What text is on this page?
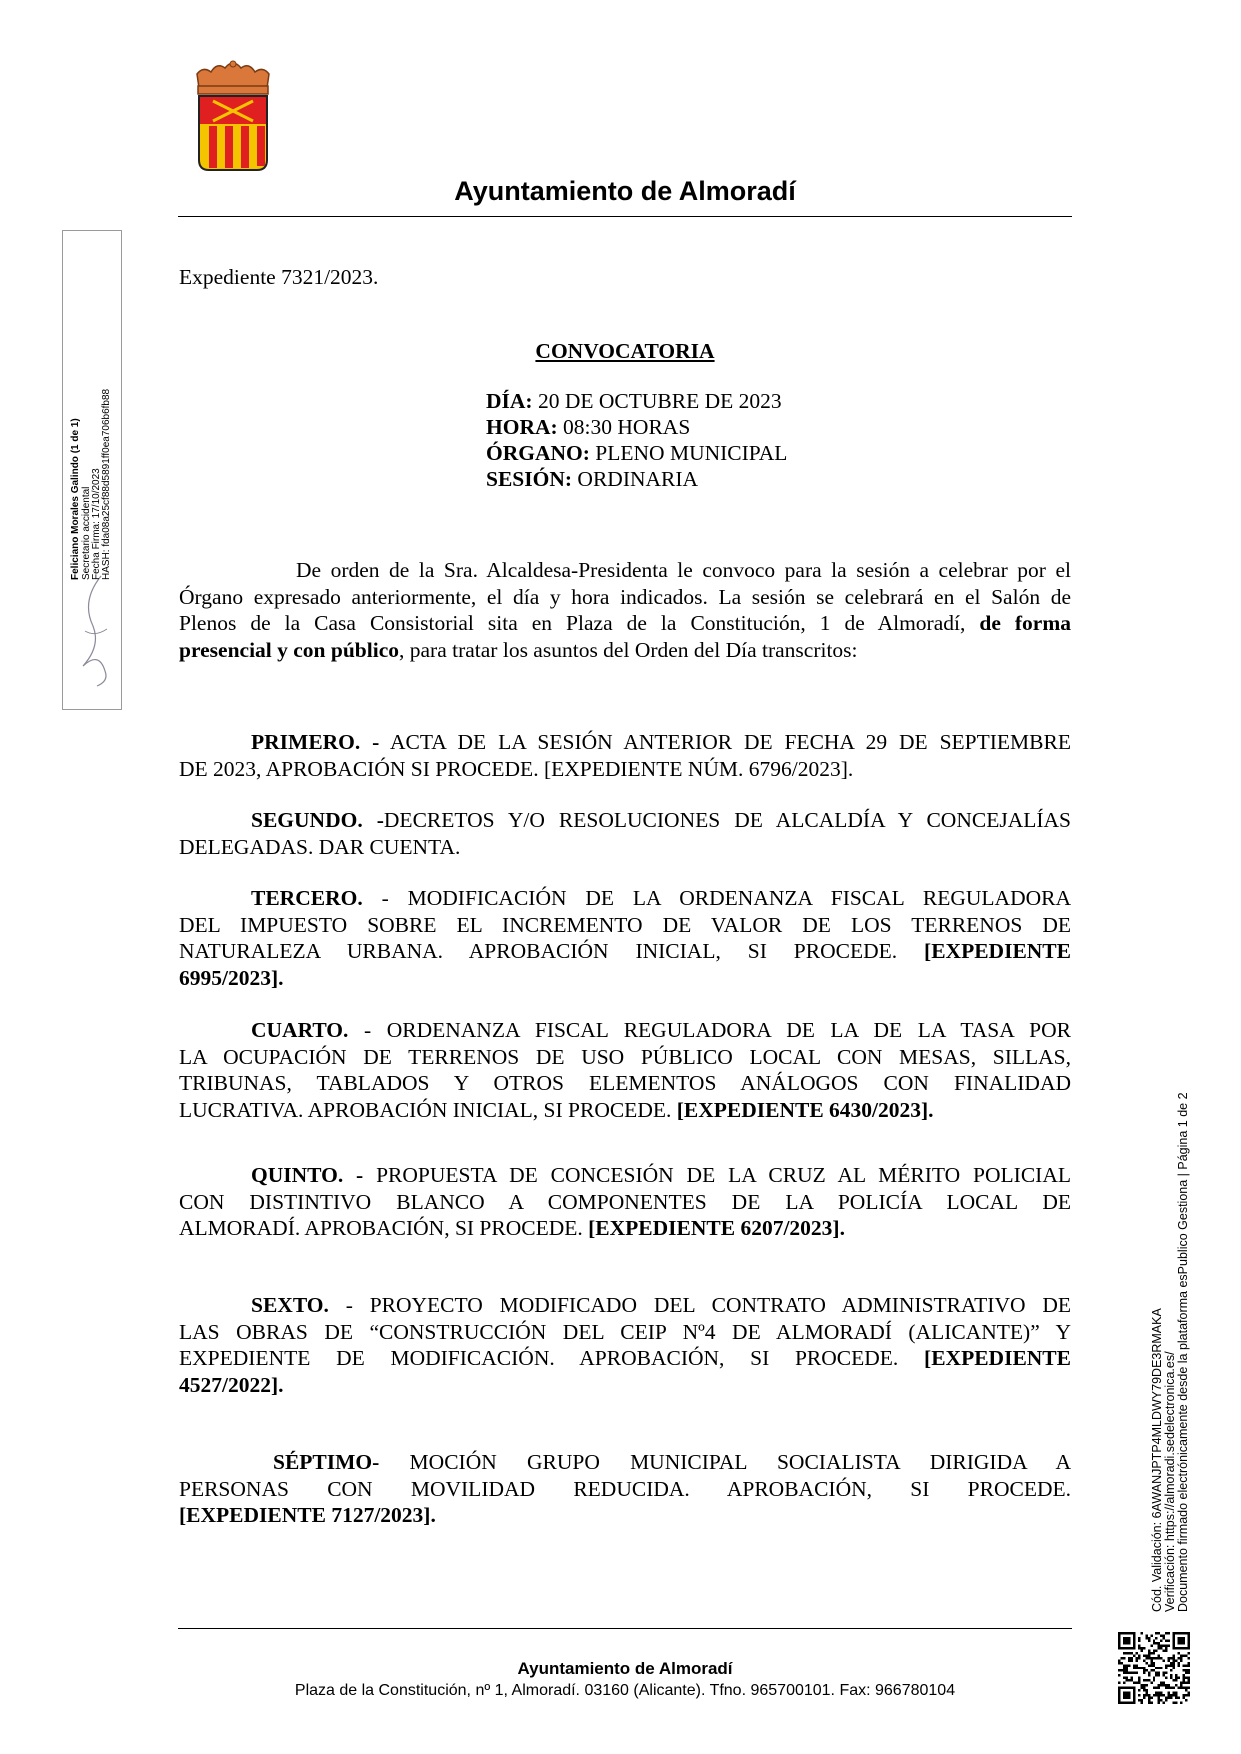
Ayuntamiento de Almoradí
Feliciano Morales Galindo (1 de 1) Secretario accidental Fecha Firma: 17/10/2023 HASH: fda08a25cf88d5891ff0ea706b6fb88
Expediente 7321/2023.
CONVOCATORIA
DÍA: 20 DE OCTUBRE DE 2023
HORA: 08:30 HORAS
ÓRGANO: PLENO MUNICIPAL
SESIÓN: ORDINARIA
De orden de la Sra. Alcaldesa-Presidenta le convoco para la sesión a celebrar por el
Órgano expresado anteriormente, el día y hora indicados. La sesión se celebrará en el Salón de
Plenos de la Casa Consistorial sita en Plaza de la Constitución, 1 de Almoradí, de forma
presencial y con público, para tratar los asuntos del Orden del Día transcritos:
PRIMERO. - ACTA DE LA SESIÓN ANTERIOR DE FECHA 29 DE SEPTIEMBRE
DE 2023, APROBACIÓN SI PROCEDE. [EXPEDIENTE NÚM. 6796/2023].
SEGUNDO. -DECRETOS Y/O RESOLUCIONES DE ALCALDÍA Y CONCEJALÍAS
DELEGADAS. DAR CUENTA.
TERCERO. - MODIFICACIÓN DE LA ORDENANZA FISCAL REGULADORA
DEL IMPUESTO SOBRE EL INCREMENTO DE VALOR DE LOS TERRENOS DE
NATURALEZA URBANA. APROBACIÓN INICIAL, SI PROCEDE. [EXPEDIENTE
6995/2023].
CUARTO. - ORDENANZA FISCAL REGULADORA DE LA DE LA TASA POR
LA OCUPACIÓN DE TERRENOS DE USO PÚBLICO LOCAL CON MESAS, SILLAS,
TRIBUNAS, TABLADOS Y OTROS ELEMENTOS ANÁLOGOS CON FINALIDAD
LUCRATIVA. APROBACIÓN INICIAL, SI PROCEDE. [EXPEDIENTE 6430/2023].
QUINTO. - PROPUESTA DE CONCESIÓN DE LA CRUZ AL MÉRITO POLICIAL
CON DISTINTIVO BLANCO A COMPONENTES DE LA POLICÍA LOCAL DE
ALMORADÍ. APROBACIÓN, SI PROCEDE. [EXPEDIENTE 6207/2023].
SEXTO. - PROYECTO MODIFICADO DEL CONTRATO ADMINISTRATIVO DE
LAS OBRAS DE “CONSTRUCCIÓN DEL CEIP Nº4 DE ALMORADÍ (ALICANTE)” Y
EXPEDIENTE DE MODIFICACIÓN. APROBACIÓN, SI PROCEDE. [EXPEDIENTE
4527/2022].
SÉPTIMO- MOCIÓN GRUPO MUNICIPAL SOCIALISTA DIRIGIDA A
PERSONAS CON MOVILIDAD REDUCIDA. APROBACIÓN, SI PROCEDE.
[EXPEDIENTE 7127/2023].
Ayuntamiento de Almoradí
Plaza de la Constitución, nº 1, Almoradí. 03160 (Alicante). Tfno. 965700101. Fax: 966780104
Cód. Validación: 6AWANJPTP4MLDWY79DE3RMAKA Verificación: https://almoradi.sedelectronica.es/ Documento firmado electrónicamente desde la plataforma esPublico Gestiona | Página 1 de 2
